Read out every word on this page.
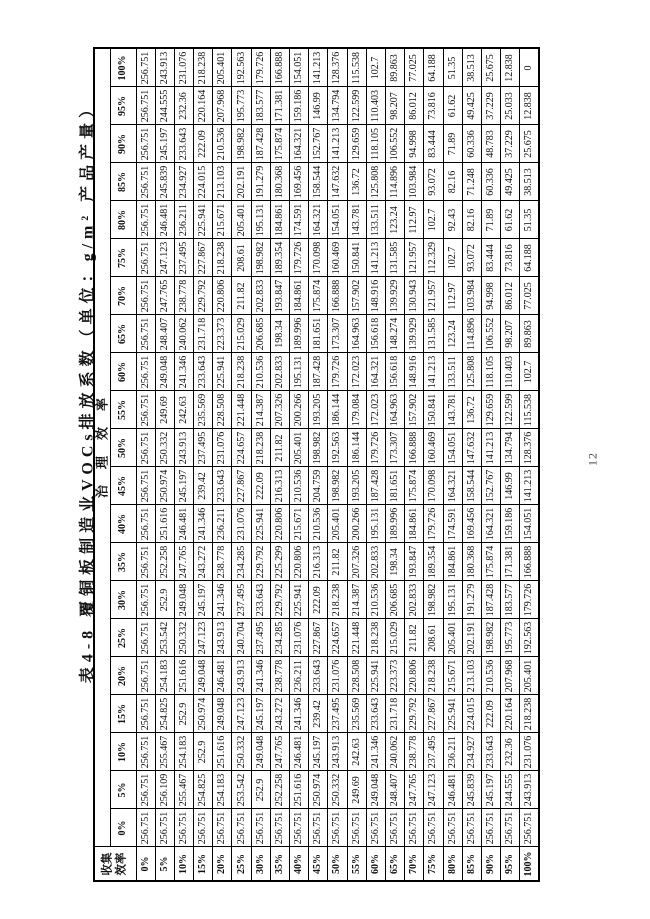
表4-8 覆铜板制造业VOCs排放系数（单位：g/m² 产品产量）
治理效率	100%	256.751	243.913	231.076	218.238	205.401	192.563	179.726	166.888	154.051	141.213	128.376	115.538	102.7	89.863	77.025	64.188	51.35	38.513	25.675	12.838	0

	95%	256.751	244.555	232.36	220.164	207.968	195.773	183.577	171.381	159.186	146.99	134.794	122.599	110.403	98.207	86.012	73.816	61.62	49.425	37.229	25.033	12.838

	90%	256.751	245.197	233.643	222.09	210.536	198.982	187.428	175.874	164.321	152.767	141.213	129.659	118.105	106.552	94.998	83.444	71.89	60.336	48.783	37.229	25.675

	85%	256.751	245.839	234.927	224.015	213.103	202.191	191.279	180.368	169.456	158.544	147.632	136.72	125.808	114.896	103.984	93.072	82.16	71.248	60.336	49.425	38.513

	80%	256.751	246.481	236.211	225.941	215.671	205.401	195.131	184.861	174.591	164.321	154.051	143.781	133.511	123.24	112.97	102.7	92.43	82.16	71.89	61.62	51.35

	75%	256.751	247.123	237.495	227.867	218.238	208.61	198.982	189.354	179.726	170.098	160.469	150.841	141.213	131.585	121.957	112.329	102.7	93.072	83.444	73.816	64.188

	70%	256.751	247.765	238.778	229.792	220.806	211.82	202.833	193.847	184.861	175.874	166.888	157.902	148.916	139.929	130.943	121.957	112.97	103.984	94.998	86.012	77.025

	65%	256.751	248.407	240.062	231.718	223.373	215.029	206.685	198.34	189.996	181.651	173.307	164.963	156.618	148.274	139.929	131.585	123.24	114.896	106.552	98.207	89.863

	60%	256.751	249.048	241.346	233.643	225.941	218.238	210.536	202.833	195.131	187.428	179.726	172.023	164.321	156.618	148.916	141.213	133.511	125.808	118.105	110.403	102.7

	55%	256.751	249.69	242.63	235.569	228.508	221.448	214.387	207.326	200.266	193.205	186.144	179.084	172.023	164.963	157.902	150.841	143.781	136.72	129.659	122.599	115.538

	50%	256.751	250.332	243.913	237.495	231.076	224.657	218.238	211.82	205.401	198.982	192.563	186.144	179.726	173.307	166.888	160.469	154.051	147.632	141.213	134.794	128.376

	45%	256.751	250.974	245.197	239.42	233.643	227.867	222.09	216.313	210.536	204.759	198.982	193.205	187.428	181.651	175.874	170.098	164.321	158.544	152.767	146.99	141.213

	40%	256.751	251.616	246.481	241.346	236.211	231.076	225.941	220.806	215.671	210.536	205.401	200.266	195.131	189.996	184.861	179.726	174.591	169.456	164.321	159.186	154.051

	35%	256.751	252.258	247.765	243.272	238.778	234.285	229.792	225.299	220.806	216.313	211.82	207.326	202.833	198.34	193.847	189.354	184.861	180.368	175.874	171.381	166.888

	30%	256.751	252.9	249.048	245.197	241.346	237.495	233.643	229.792	225.941	222.09	218.238	214.387	210.536	206.685	202.833	198.982	195.131	191.279	187.428	183.577	179.726

	25%	256.751	253.542	250.332	247.123	243.913	240.704	237.495	234.285	231.076	227.867	224.657	221.448	218.238	215.029	211.82	208.61	205.401	202.191	198.982	195.773	192.563

	20%	256.751	254.183	251.616	249.048	246.481	243.913	241.346	238.778	236.211	233.643	231.076	228.508	225.941	223.373	220.806	218.238	215.671	213.103	210.536	207.968	205.401

	15%	256.751	254.825	252.9	250.974	249.048	247.123	245.197	243.272	241.346	239.42	237.495	235.569	233.643	231.718	229.792	227.867	225.941	224.015	222.09	220.164	218.238

	10%	256.751	255.467	254.183	252.9	251.616	250.332	249.048	247.765	246.481	245.197	243.913	242.63	241.346	240.062	238.778	237.495	236.211	234.927	233.643	232.36	231.076

	5%	256.751	256.109	255.467	254.825	254.183	253.542	252.9	252.258	251.616	250.974	250.332	249.69	249.048	248.407	247.765	247.123	246.481	245.839	245.197	244.555	243.913

	0%	256.751	256.751	256.751	256.751	256.751	256.751	256.751	256.751	256.751	256.751	256.751	256.751	256.751	256.751	256.751	256.751	256.751	256.751	256.751	256.751	256.751

收集 效率		0%	5%	10%	15%	20%	25%	30%	35%	40%	45%	50%	55%	60%	65%	70%	75%	80%	85%	90%	95%	100%
12
